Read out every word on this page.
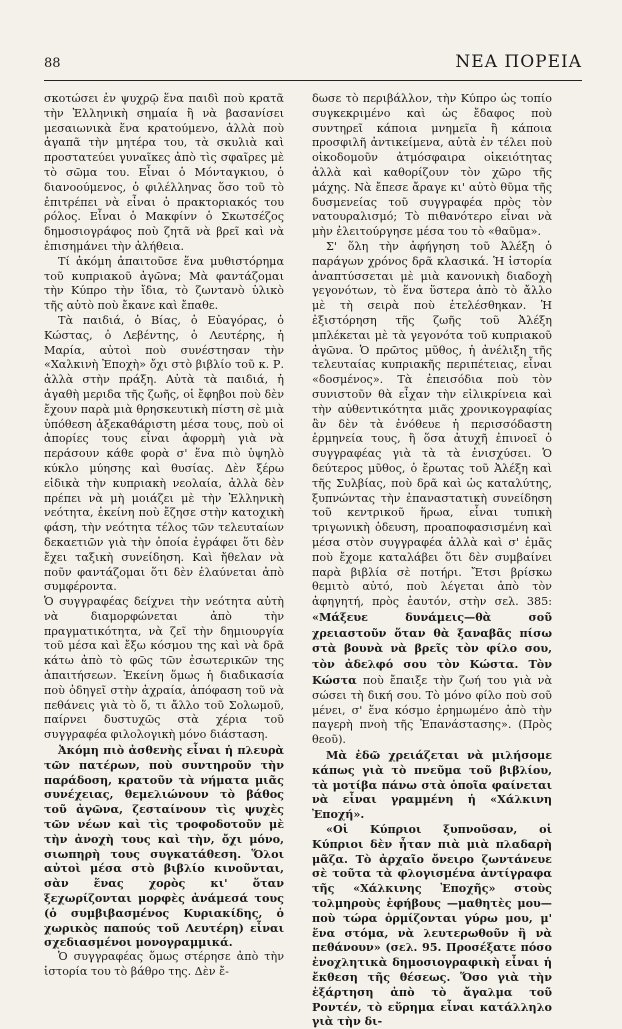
88	ΝΕΑ ΠΟΡΕΙΑ

σκοτώσει ἐν ψυχρῷ ἕνα παιδὶ ποὺ κρατᾶ τὴν Ἑλληνικὴ σημαία ἢ νὰ βασανίσει μεσαιωνικὰ ἕνα κρατούμενο, ἀλλὰ ποὺ ἀγαπᾶ τὴν μητέρα του, τὰ σκυλιὰ καὶ προστατεύει γυναῖκες ἀπὸ τὶς σφαῖρες μὲ τὸ σῶμα του. Εἶναι ὁ Μόνταγκιου, ὁ διανοούμενος, ὁ φιλέλληνας ὅσο τοῦ τὸ ἐπιτρέπει νὰ εἶναι ὁ πρακτοριακός του ρόλος. Εἶναι ὁ Μακφίνν ὁ Σκωτσέζος δημοσιογράφος ποὺ ζητᾶ νὰ βρεῖ καὶ νὰ ἐπισημάνει τὴν ἀλήθεια.

Τί ἀκόμη ἀπαιτοῦσε ἕνα μυθιστόρημα τοῦ κυπριακοῦ ἀγῶνα; Μὰ φαντάζομαι τὴν Κύπρο τὴν ἴδια, τὸ ζωντανὸ ὑλικὸ τῆς αὐτὸ ποὺ ἔκανε καὶ ἔπαθε.

Τὰ παιδιά, ὁ Βίας, ὁ Εὐαγόρας, ὁ Κώστας, ὁ Λεβέντης, ὁ Λευτέρης, ἡ Μαρία, αὐτοὶ ποὺ συνέστησαν τὴν «Χαλκινὴ Ἐποχὴ» ὄχι στὸ βιβλίο τοῦ κ. Ρ. ἀλλὰ στὴν πράξη. Αὐτὰ τὰ παιδιά, ἡ ἀγαθὴ μεριδα τῆς ζωῆς, οἱ ἔφηβοι ποὺ δὲν ἔχουν παρὰ μιὰ θρησκευτικὴ πίστη σὲ μιὰ ὑπόθεση ἀξεκαθάριστη μέσα τους, ποὺ οἱ ἀπορίες τους εἶναι ἀφορμὴ γιὰ νὰ περάσουν κάθε φορὰ σ' ἕνα πιὸ ὑψηλὸ κύκλο μύησης καὶ θυσίας. Δὲν ξέρω εἰδικὰ τὴν κυπριακὴ νεολαία, ἀλλὰ δὲν πρέπει νὰ μὴ μοιάζει μὲ τὴν Ἑλληνικὴ νεότητα, ἐκείνη ποὺ ἔζησε στὴν κατοχικὴ φάση, τὴν νεότητα τέλος τῶν τελευταίων δεκαετιῶν γιὰ τὴν ὁποία ἐγράφει ὅτι δὲν ἔχει ταξικὴ συνείδηση. Καὶ ἤθελαν νὰ ποῦν φαντάζομαι ὅτι δὲν ἐλαύνεται ἀπὸ συμφέροντα.

Ὁ συγγραφέας δείχνει τὴν νεότητα αὐτὴ νὰ διαμορφώνεται ἀπὸ τὴν πραγματικότητα, νὰ ζεῖ τὴν δημιουργία τοῦ μέσα καὶ ἔξω κόσμου της καὶ νὰ δρᾶ κάτω ἀπὸ τὸ φῶς τῶν ἐσωτερικῶν της ἀπαιτήσεων. Ἐκείνη ὅμως ἡ διαδικασία ποὺ ὁδηγεῖ στὴν ἀχραία, ἀπόφαση τοῦ νὰ πεθάνεις γιὰ τὸ ὅ, τι ἄλλο τοῦ Σολωμοῦ, παίρνει δυστυχῶς στὰ χέρια τοῦ συγγραφέα φιλολογικὴ μόνο διάσταση.

Ἀκόμη πιὸ ἀσθενὴς εἶναι ἡ πλευρὰ τῶν πατέρων, ποὺ συντηροῦν τὴν παράδοση, κρατοῦν τὰ νήματα μιᾶς συνέχειας, θεμελιώνουν τὸ βάθος τοῦ ἀγῶνα, ζεσταίνουν τὶς ψυχὲς τῶν νέων καὶ τὶς τροφοδοτοῦν μὲ τὴν ἀνοχὴ τους καὶ τὴν, ὄχι μόνο, σιωπηρὴ τους συγκατάθεση. Ὅλοι αὐτοὶ μέσα στὸ βιβλίο κινοῦνται, σὰν ἕνας χορὸς κι' ὅταν ξεχωρίζονται μορφὲς ἀνάμεσά τους (ὁ συμβιβασμένος Κυριακίδης, ὁ χωρικὸς παπούς τοῦ Λευτέρη) εἶναι σχεδιασμένοι μονογραμμικά.

Ὁ συγγραφέας ὅμως στέρησε ἀπὸ τὴν ἱστορία του τὸ βάθρο της. Δὲν ἔ-

δωσε τὸ περιβάλλον, τὴν Κύπρο ὡς τοπίο συγκεκριμένο καὶ ὡς ἔδαφος ποὺ συντηρεῖ κάποια μνημεῖα ἢ κάποια προσφιλῆ ἀντικείμενα, αὐτὰ ἐν τέλει ποὺ οἰκοδομοῦν ἀτμόσφαιρα οἰκειότητας ἀλλὰ καὶ καθορίζουν τὸν χῶρο τῆς μάχης. Νὰ ἔπεσε ἄραγε κι' αὐτὸ θῦμα τῆς δυσμενείας τοῦ συγγραφέα πρὸς τὸν νατουραλισμό; Τὸ πιθανότερο εἶναι νὰ μὴν ἐλειτούργησε μέσα του τὸ «θαῦμα».

Σ' ὅλη τὴν ἀφήγηση τοῦ Ἀλέξη ὁ παράγων χρόνος δρᾶ κλασικά. Ἡ ἱστορία ἀναπτύσσεται μὲ μιὰ κανονικὴ διαδοχὴ γεγονότων, τὸ ἕνα ὕστερα ἀπὸ τὸ ἄλλο μὲ τὴ σειρὰ ποὺ ἐτελέσθηκαν. Ἡ ἐξιστόρηση τῆς ζωῆς τοῦ Ἀλέξη μπλέκεται μὲ τὰ γεγονότα τοῦ κυπριακοῦ ἀγῶνα. Ὁ πρῶτος μῦθος, ἡ ἀνέλιξη τῆς τελευταίας κυπριακῆς περιπέτειας, εἶναι «δοσμένος». Τὰ ἐπεισόδια ποὺ τὸν συνιστοῦν θὰ εἶχαν τὴν εἰλικρίνεια καὶ τὴν αὐθεντικότητα μιᾶς χρονικογραφίας ἂν δὲν τὰ ἐνόθευε ἡ περισσόδαστη ἑρμηνεία τους, ἢ ὅσα ἀτυχῆ ἐπινοεῖ ὁ συγγραφέας γιὰ τὰ τὰ ἐνισχύσει. Ὁ δεύτερος μῦθος, ὁ ἔρωτας τοῦ Ἀλέξη καὶ τῆς Συλβίας, ποὺ δρᾶ καὶ ὡς καταλύτης, ξυπνώντας τὴν ἐπαναστατικὴ συνείδηση τοῦ κεντρικοῦ ἥρωα, εἶναι τυπικὴ τριγωνικὴ ὁδευση, προαποφασισμένη καὶ μέσα στὸν συγγραφέα ἀλλὰ καὶ σ' ἐμᾶς ποὺ ἔχομε καταλάβει ὅτι δὲν συμβαίνει παρὰ βιβλία σὲ ποτήρι. Ἔτσι βρίσκω θεμιτὸ αὐτό, ποὺ λέγεται ἀπὸ τὸν ἀφηγητή, πρὸς ἑαυτόν, στὴν σελ. 385: «Μάξευε δυνάμεις—θὰ σοῦ χρειαστοῦν ὅταν θὰ ξαναβᾶς πίσω στὰ βουνὰ νὰ βρεῖς τὸν φίλο σου, τὸν ἀδελφό σου τὸν Κώστα. Τὸν Κώστα ποὺ ἔπαιξε τὴν ζωή του γιὰ νὰ σώσει τὴ δική σου. Τὸ μόνο φίλο ποὺ σοῦ μένει, σ' ἕνα κόσμο ἐρημωμένο ἀπὸ τὴν παγερὴ πνοὴ τῆς Ἐπανάστασης». (Πρὸς θεοῦ).

Μὰ ἐδῶ χρειάζεται νὰ μιλήσομε κάπως γιὰ τὸ πνεῦμα τοῦ βιβλίου, τὰ μοτίβα πάνω στὰ ὁποῖα φαίνεται νὰ εἶναι γραμμένη ἡ «Χάλκινη Ἐποχή».

«Οἱ Κύπριοι ξυπνοῦσαν, οἱ Κύπριοι δὲν ἦταν πιὰ μιὰ πλαδαρὴ μᾶζα. Τὸ ἀρχαῖο ὄνειρο ζωντάνευε σὲ τοῦτα τὰ φλογισμένα ἀντίγραφα τῆς «Χάλκινης Ἐποχῆς» στοὺς τολμηροὺς ἐφήβους —μαθητὲς μου— ποὺ τώρα ὀρμίζονται γύρω μου, μ' ἕνα στόμα, νὰ λευτερωθοῦν ἢ νὰ πεθάνουν» (σελ. 95. Προσέξατε πόσο ἐνοχλητικὰ δημοσιογραφικὴ εἶναι ἡ ἔκθεση τῆς θέσεως. Ὅσο γιὰ τὴν ἐξάρτηση ἀπὸ τὸ ἄγαλμα τοῦ Ροντέν, τὸ εὕρημα εἶναι κατάλληλο γιὰ τὴν δι-
